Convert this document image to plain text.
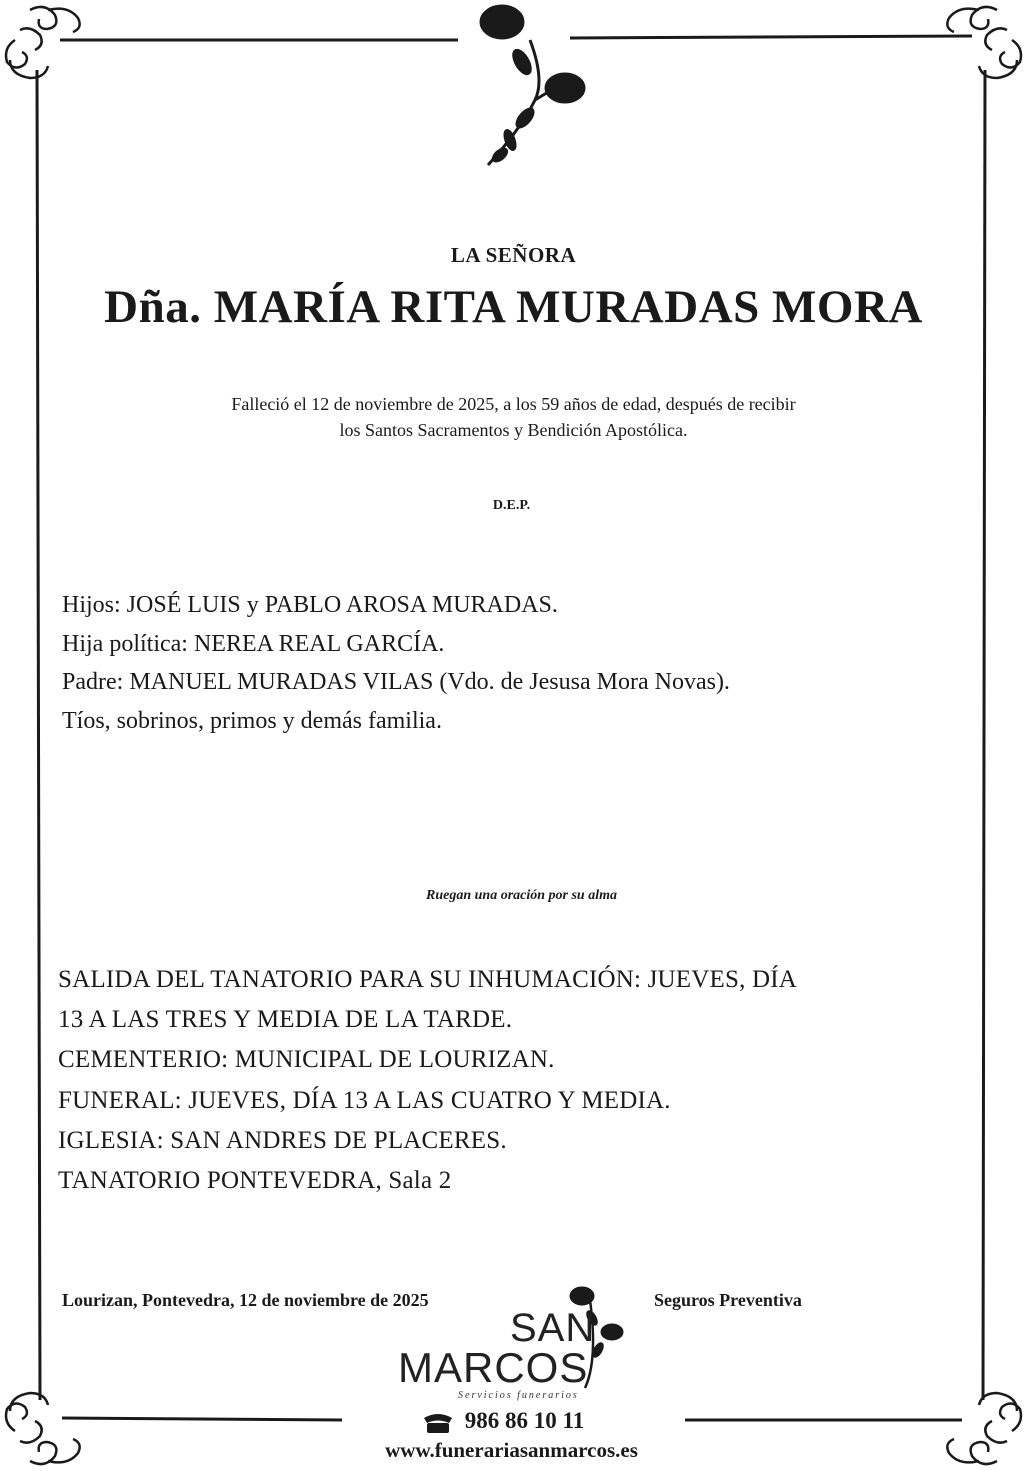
LA SEÑORA
Dña. MARÍA RITA MURADAS MORA
Falleció el 12 de noviembre de 2025, a los 59 años de edad, después de recibir
los Santos Sacramentos y Bendición Apostólica.
D.E.P.
Hijos: JOSÉ LUIS y PABLO AROSA MURADAS.
Hija política: NEREA REAL GARCÍA.
Padre: MANUEL MURADAS VILAS (Vdo. de Jesusa Mora Novas).
Tíos, sobrinos, primos y demás familia.
Ruegan una oración por su alma
SALIDA DEL TANATORIO PARA SU INHUMACIÓN: JUEVES, DÍA
13 A LAS TRES Y MEDIA DE LA TARDE.
CEMENTERIO: MUNICIPAL DE LOURIZAN.
FUNERAL: JUEVES, DÍA 13 A LAS CUATRO Y MEDIA.
IGLESIA: SAN ANDRES DE PLACERES.
TANATORIO PONTEVEDRA, Sala 2
Lourizan, Pontevedra, 12 de noviembre de 2025	Seguros Preventiva
SAN
MARCOS
Servicios funerarios
986 86 10 11
www.funerariasanmarcos.es
